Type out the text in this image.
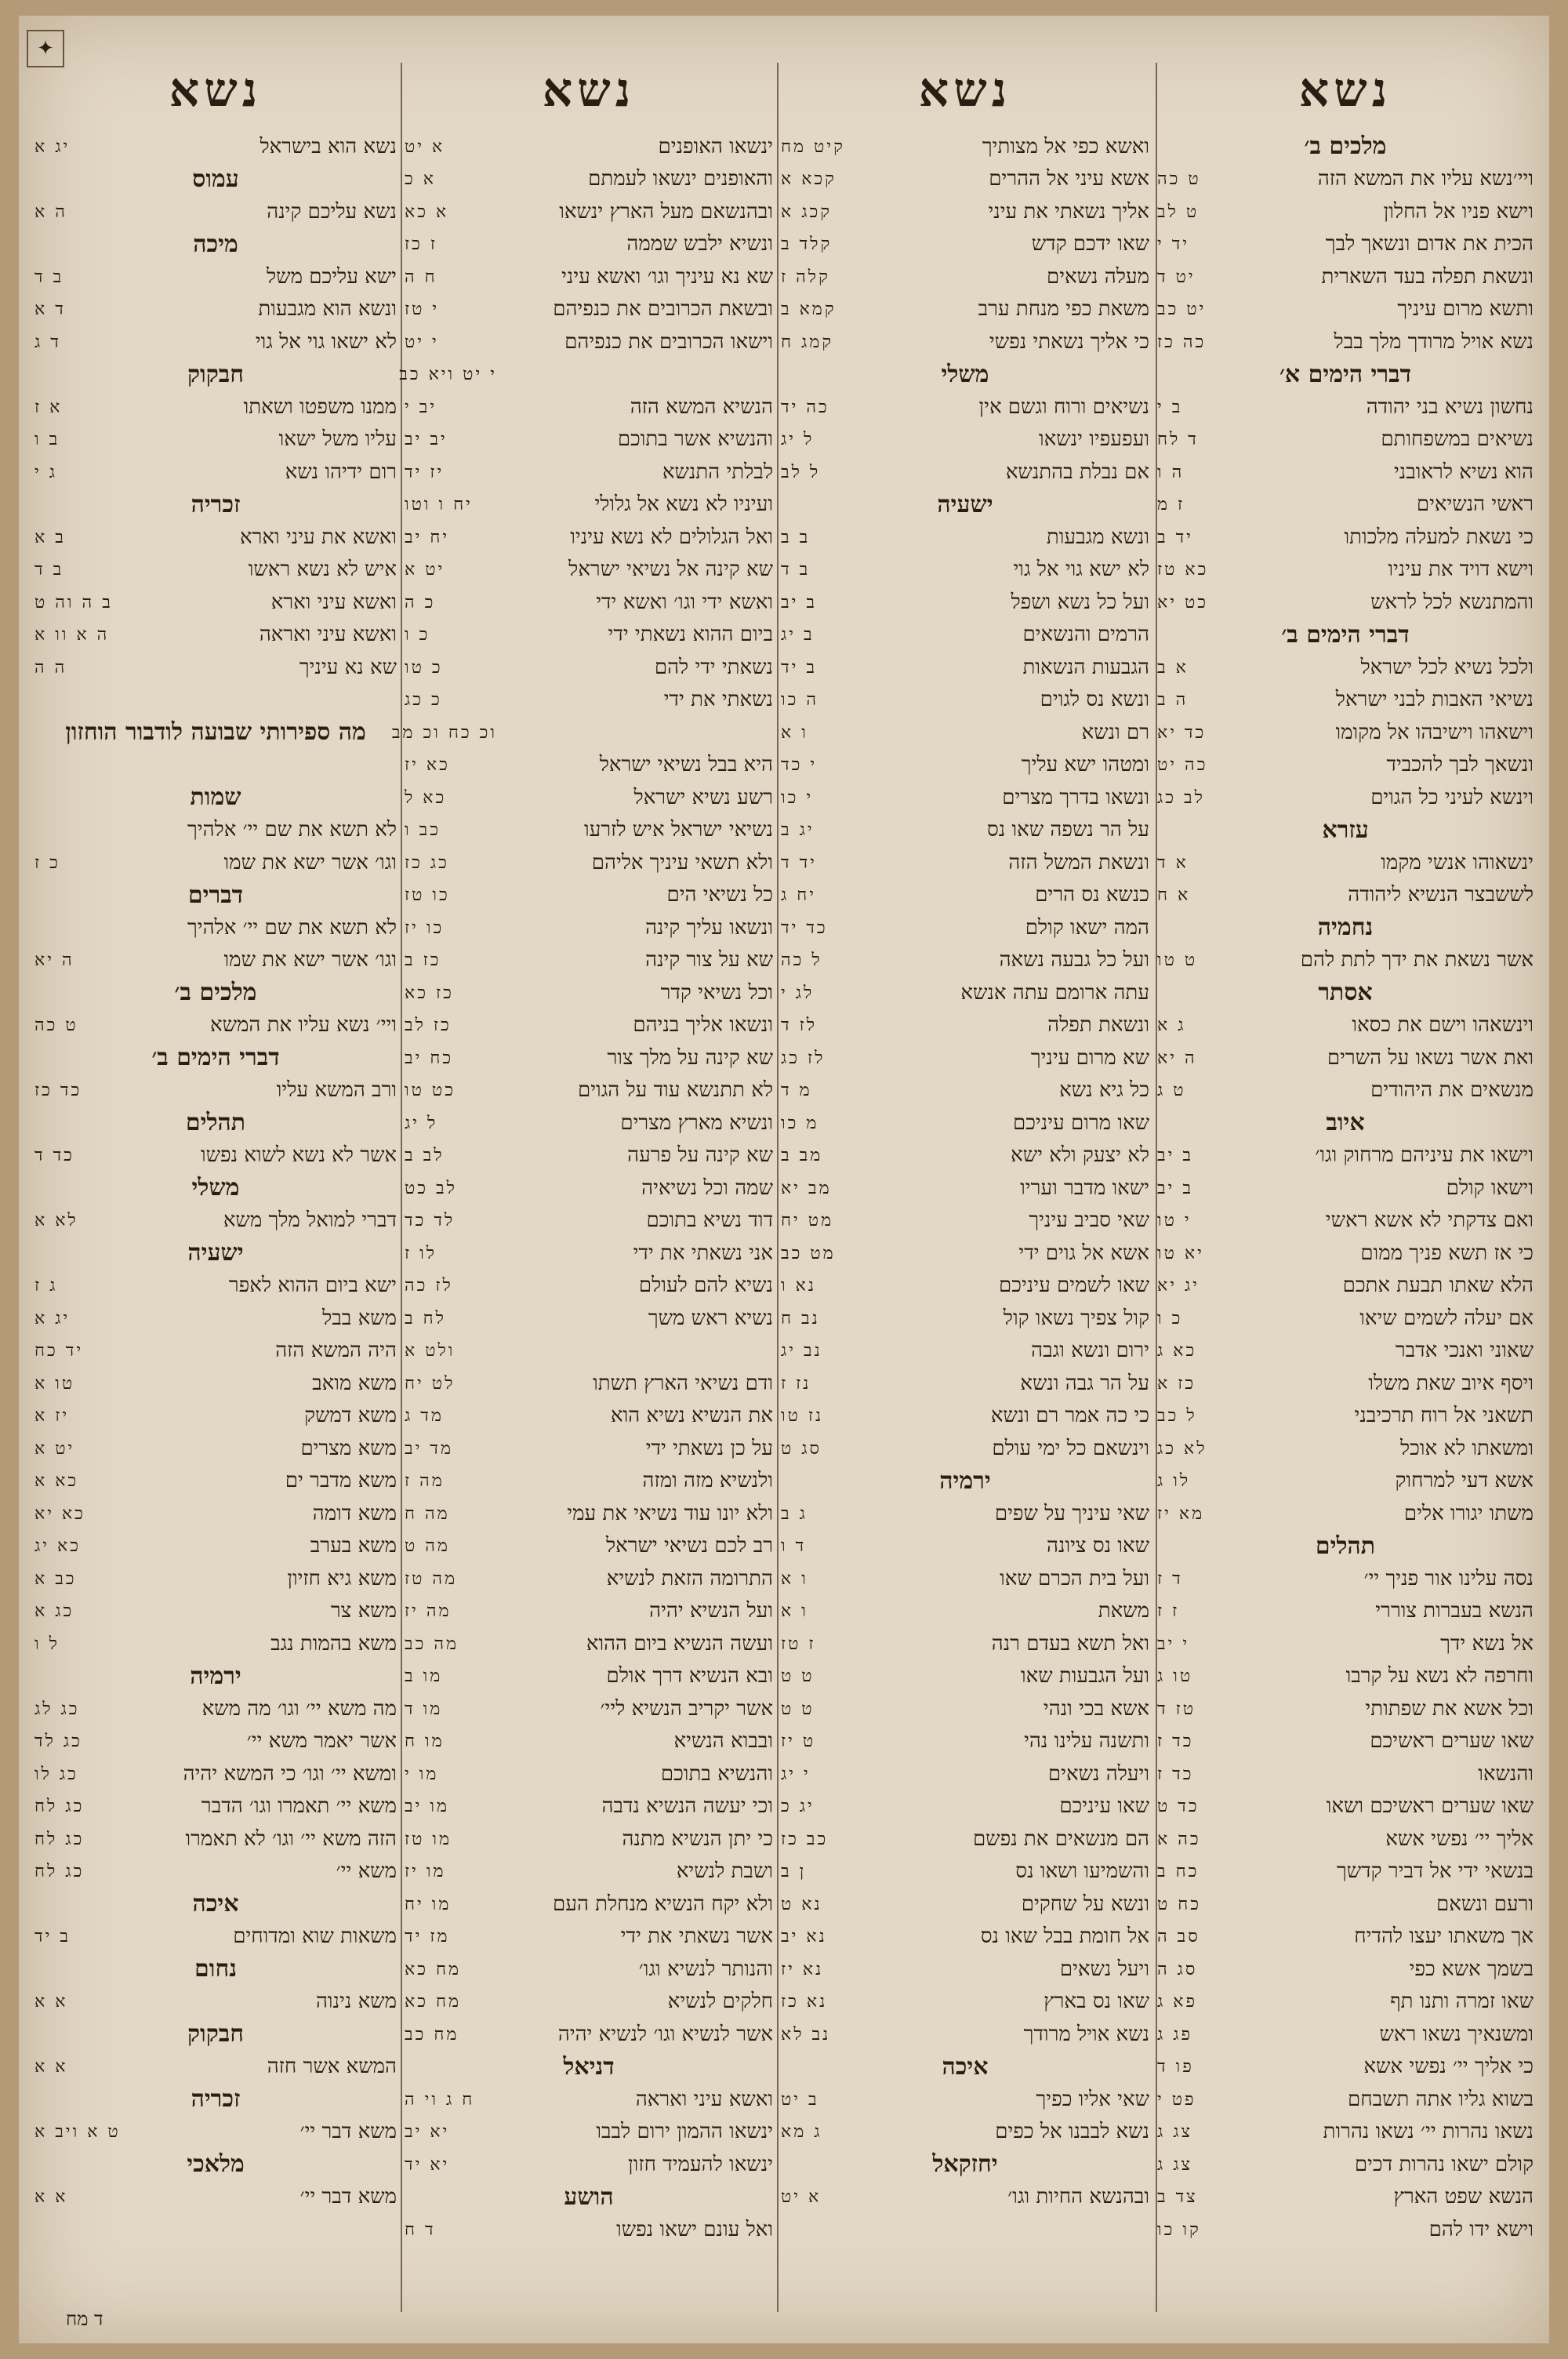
✦
נשא
מלכים ב׳
ויי׳נשא עליו את המשא הזה
ט כה
וישא פניו אל החלון
ט לב
הכית את אדום ונשאך לבך
יד י
ונשאת תפלה בעד השארית
יט ד
ותשא מרום עיניך
יט כב
נשא אויל מרודך מלך בבל
כה כז
דברי הימים א׳
נחשון נשיא בני יהודה
ב י
נשיאים במשפחותם
ד לח
הוא נשיא לראובני
ה ו
ראשי הנשיאים
ז מ
כי נשאת למעלה מלכותו
יד ב
וישא דויד את עיניו
כא טז
והמתנשא לכל לראש
כט יא
דברי הימים ב׳
ולכל נשיא לכל ישראל
א ב
נשיאי האבות לבני ישראל
ה ב
וישאהו וישיבהו אל מקומו
כד יא
ונשאך לבך להכביד
כה יט
וינשא לעיני כל הגוים
לב כג
עזרא
ינשאוהו אנשי מקמו
א ד
לששבצר הנשיא ליהודה
א ח
נחמיה
אשר נשאת את ידך לתת להם
ט טו
אסתר
וינשאהו וישם את כסאו
ג א
ואת אשר נשאו על השרים
ה יא
מנשאים את היהודים
ט ג
איוב
וישאו את עיניהם מרחוק וגו׳
ב יב
וישאו קולם
ב יב
ואם צדקתי לא אשא ראשי
י טו
כי אז תשא פניך ממום
יא טו
הלא שאתו תבעת אתכם
יג יא
אם יעלה לשמים שיאו
כ ו
שאוני ואנכי אדבר
כא ג
ויסף איוב שאת משלו
כז א
תשאני אל רוח תרכיבני
ל כב
ומשאתו לא אוכל
לא כג
אשא דעי למרחוק
לו ג
משתו יגורו אלים
מא יז
תהלים
נסה עלינו אור פניך יי׳
ד ז
הנשא בעברות צוררי
ז ז
אל נשא ידך
י יב
וחרפה לא נשא על קרבו
טו ג
וכל אשא את שפתותי
טז ד
שאו שערים ראשיכם
כד ז
והנשאו
כד ז
שאו שערים ראשיכם ושאו
כד ט
אליך יי׳ נפשי אשא
כה א
בנשאי ידי אל דביר קדשך
כח ב
ורעם ונשאם
כח ט
אך משאתו יעצו להדיח
סב ה
בשמך אשא כפי
סג ה
שאו זמרה ותנו תף
פא ג
ומשנאיך נשאו ראש
פג ג
כי אליך יי׳ נפשי אשא
פו ד
בשוא גליו אתה תשבחם
פט י
נשאו נהרות יי׳ נשאו נהרות
צג ג
קולם ישאו נהרות דכים
צג ג
הנשא שפט הארץ
צד ב
וישא ידו להם
קו כו
נשא
ואשא כפי אל מצותיך
קיט מח
אשא עיני אל ההרים
קכא א
אליך נשאתי את עיני
קכג א
שאו ידכם קדש
קלד ב
מעלה נשאים
קלה ז
משאת כפי מנחת ערב
קמא ב
כי אליך נשאתי נפשי
קמג ח
משלי
נשיאים ורוח וגשם אין
כה יד
ועפעפיו ינשאו
ל יג
אם נבלת בהתנשא
ל לב
ישעיה
ונשא מגבעות
ב ב
לא ישא גוי אל גוי
ב ד
ועל כל נשא ושפל
ב יב
הרמים והנשאים
ב יג
הגבעות הנשאות
ב יד
ונשא נס לגוים
ה כו
רם ונשא
ו א
ומטהו ישא עליך
י כד
ונשאו בדרך מצרים
י כו
על הר נשפה שאו נס
יג ב
ונשאת המשל הזה
יד ד
כנשא נס הרים
יח ג
המה ישאו קולם
כד יד
ועל כל גבעה נשאה
ל כה
עתה ארומם עתה אנשא
לג י
ונשאת תפלה
לז ד
שא מרום עיניך
לז כג
כל גיא נשא
מ ד
שאו מרום עיניכם
מ כו
לא יצעק ולא ישא
מב ב
ישאו מדבר ועריו
מב יא
שאי סביב עיניך
מט יח
אשא אל גוים ידי
מט כב
שאו לשמים עיניכם
נא ו
קול צפיך נשאו קול
נב ח
ירום ונשא וגבה
נב יג
על הר גבה ונשא
נז ז
כי כה אמר רם ונשא
נז טו
וינשאם כל ימי עולם
סג ט
ירמיה
שאי עיניך על שפים
ג ב
שאו נס ציונה
ד ו
ועל בית הכרם שאו
ו א
משאת
ו א
ואל תשא בעדם רנה
ז טז
ועל הגבעות שאו
ט ט
אשא בכי ונהי
ט ט
ותשנה עלינו נהי
ט יז
ויעלה נשאים
י יג
שאו עיניכם
יג כ
הם מנשאים את נפשם
כב כז
והשמיעו ושאו נס
ן ב
ונשא על שחקים
נא ט
אל חומת בבל שאו נס
נא יב
ויעל נשאים
נא יז
שאו נס בארץ
נא כז
נשא אויל מרודך
נב לא
איכה
שאי אליו כפיך
ב יט
נשא לבבנו אל כפים
ג מא
יחזקאל
ובהנשא החיות וגו׳
א יט
נשא
ינשאו האופנים
א יט
והאופנים ינשאו לעמתם
א כ
ובהנשאם מעל הארץ ינשאו
א כא
ונשיא ילבש שממה
ז כז
שא נא עיניך וגו׳ ואשא עיני
ח ה
ובשאת הכרובים את כנפיהם
י טז
וישאו הכרובים את כנפיהם
י יט
י יט ויא כב
הנשיא המשא הזה
יב י
והנשיא אשר בתוכם
יב יב
לבלתי התנשא
יז יד
ועיניו לא נשא אל גלולי
יח ו וטו
ואל הגלולים לא נשא עיניו
יח יב
שא קינה אל נשיאי ישראל
יט א
ואשא ידי וגו׳ ואשא ידי
כ ה
ביום ההוא נשאתי ידי
כ ו
נשאתי ידי להם
כ טו
נשאתי את ידי
כ כג
וכ כח וכ מב
היא בבל נשיאי ישראל
כא יז
רשע נשיא ישראל
כא ל
נשיאי ישראל איש לזרעו
כב ו
ולא תשאי עיניך אליהם
כג כז
כל נשיאי הים
כו טז
ונשאו עליך קינה
כו יז
שא על צור קינה
כז ב
וכל נשיאי קדר
כז כא
ונשאו אליך בניהם
כז לב
שא קינה על מלך צור
כח יב
לא תתנשא עוד על הגוים
כט טו
ונשיא מארץ מצרים
ל יג
שא קינה על פרעה
לב ב
שמה וכל נשיאיה
לב כט
דוד נשיא בתוכם
לד כד
אני נשאתי את ידי
לו ז
נשיא להם לעולם
לז כה
נשיא ראש משך
לח ב
ולט א
ודם נשיאי הארץ תשתו
לט יח
את הנשיא נשיא הוא
מד ג
על כן נשאתי ידי
מד יב
ולנשיא מזה ומזה
מה ז
ולא יונו עוד נשיאי את עמי
מה ח
רב לכם נשיאי ישראל
מה ט
התרומה הזאת לנשיא
מה טז
ועל הנשיא יהיה
מה יז
ועשה הנשיא ביום ההוא
מה כב
ובא הנשיא דרך אולם
מו ב
אשר יקריב הנשיא ליי׳
מו ד
ובבוא הנשיא
מו ח
והנשיא בתוכם
מו י
וכי יעשה הנשיא נדבה
מו יב
כי יתן הנשיא מתנה
מו טז
ושבת לנשיא
מו יז
ולא יקח הנשיא מנחלת העם
מו יח
אשר נשאתי את ידי
מז יד
והנותר לנשיא וגו׳
מח כא
חלקים לנשיא
מח כא
אשר לנשיא וגו׳ לנשיא יהיה
מח כב
דניאל
ואשא עיני ואראה
ח ג וי ה
ינשאו ההמון ירום לבבו
יא יב
ינשאו להעמיד חזון
יא יד
הושע
ואל עונם ישאו נפשו
ד ח
נשא
נשא הוא בישראל
יג א
עמוס
נשא עליכם קינה
ה א
מיכה
ישא עליכם משל
ב ד
ונשא הוא מגבעות
ד א
לא ישאו גוי אל גוי
ד ג
חבקוק
ממנו משפטו ושאתו
א ז
עליו משל ישאו
ב ו
רום ידיהו נשא
ג י
זכריה
ואשא את עיני וארא
ב א
איש לא נשא ראשו
ב ד
ואשא עיני וארא
ב ה וה ט
ואשא עיני ואראה
ה א וו א
שא נא עיניך
ה ה
מה ספירותי שבועה לודבור הוחזון
שמות
לא תשא את שם יי׳ אלהיך
וגו׳ אשר ישא את שמו
כ ז
דברים
לא תשא את שם יי׳ אלהיך
וגו׳ אשר ישא את שמו
ה יא
מלכים ב׳
ויי׳ נשא עליו את המשא
ט כה
דברי הימים ב׳
ורב המשא עליו
כד כז
תהלים
אשר לא נשא לשוא נפשו
כד ד
משלי
דברי למואל מלך משא
לא א
ישעיה
ישא ביום ההוא לאפר
ג ז
משא בבל
יג א
היה המשא הזה
יד כח
משא מואב
טו א
משא דמשק
יז א
משא מצרים
יט א
משא מדבר ים
כא א
משא דומה
כא יא
משא בערב
כא יג
משא גיא חזיון
כב א
משא צר
כג א
משא בהמות נגב
ל ו
ירמיה
מה משא יי׳ וגו׳ מה משא
כג לג
אשר יאמר משא יי׳
כג לד
ומשא יי׳ וגו׳ כי המשא יהיה
כג לו
משא יי׳ תאמרו וגו׳ הדבר
כג לח
הזה משא יי׳ וגו׳ לא תאמרו
כג לח
משא יי׳
כג לח
איכה
משאות שוא ומדוחים
ב יד
נחום
משא נינוה
א א
חבקוק
המשא אשר חזה
א א
זכריה
משא דבר יי׳
ט א ויב א
מלאכי
משא דבר יי׳
א א
ד מח
